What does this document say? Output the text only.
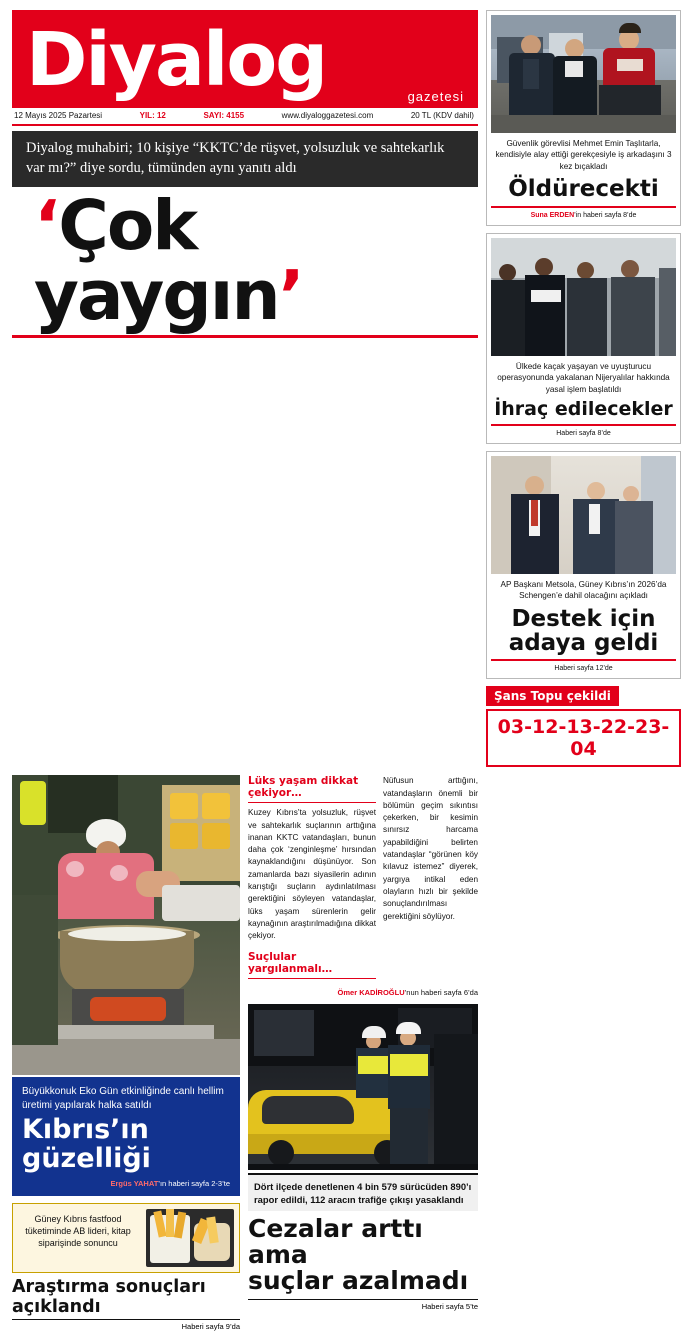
Diyalog	gazetesi
12 Mayıs 2025 Pazartesi	YIL: 12	SAYI: 4155	www.diyaloggazetesi.com	20 TL (KDV dahil)
Diyalog muhabiri; 10 kişiye “KKTC’de rüşvet, yolsuzluk ve sahtekarlık var mı?” diye sordu, tümünden aynı yanıtı aldı
‘Çok yaygın’
Güvenlik görevlisi Mehmet Emin Taşlıtarla, kendisiyle alay ettiği gerekçesiyle iş arkadaşını 3 kez bıçakladı
Öldürecekti
Suna ERDEN’in haberi sayfa 8’de
Ülkede kaçak yaşayan ve uyuşturucu operasyonunda yakalanan Nijeryalılar hakkında yasal işlem başlatıldı
İhraç edilecekler
Haberi sayfa 8’de
AP Başkanı Metsola, Güney Kıbrıs’ın 2026’da Schengen’e dahil olacağını açıkladı
Destek için adaya geldi
Haberi sayfa 12’de
Şans Topu çekildi
03-12-13-22-23-04
Büyükkonuk Eko Gün etkinliğinde canlı hellim üretimi yapılarak halka satıldı
Kıbrıs’ın güzelliği
Ergüs YAHAT’ın haberi sayfa 2-3’te
Güney Kıbrıs fastfood tüketiminde AB lideri, kitap siparişinde sonuncu
Araştırma sonuçları açıklandı
Haberi sayfa 9’da
Lüks yaşam dikkat çekiyor…
Kuzey Kıbrıs’ta yolsuzluk, rüşvet ve sahtekarlık suçlarının arttığına inanan KKTC vatandaşları, bunun daha çok ‘zenginleşme’ hırsından kaynaklandığını düşünüyor. Son zamanlarda bazı siyasilerin adının karıştığı suçların aydınlatılması gerektiğini söyleyen vatandaşlar, lüks yaşam sürenlerin gelir kaynağının araştırılmadığına dikkat çekiyor.
Suçlular yargılanmalı…
Nüfusun arttığını, vatandaşların önemli bir bölümün geçim sıkıntısı çekerken, bir kesimin sınırsız harcama yapabildiğini belirten vatandaşlar “görünen köy kılavuz istemez” diyerek, yargıya intikal eden olayların hızlı bir şekilde sonuçlandırılması gerektiğini söylüyor.
Ömer KADİROĞLU’nun haberi sayfa 6’da
Dört ilçede denetlenen 4 bin 579 sürücüden 890’ı rapor edildi, 112 aracın trafiğe çıkışı yasaklandı
Cezalar arttı ama
suçlar azalmadı
Haberi sayfa 5’te
